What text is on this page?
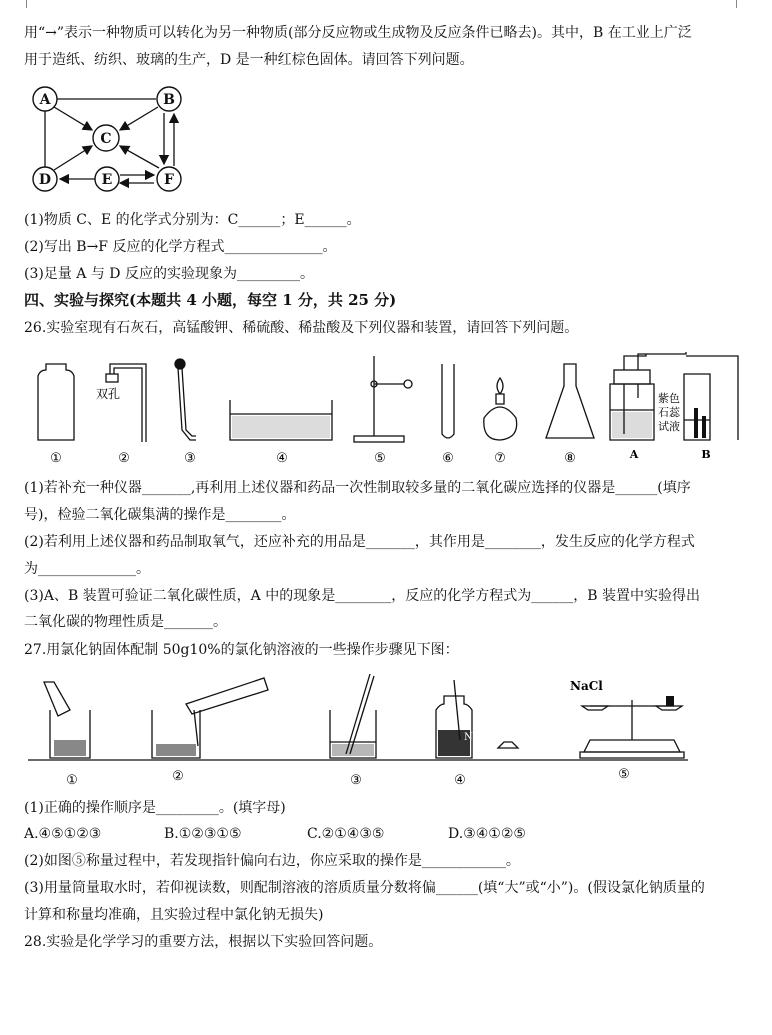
用“→”表示一种物质可以转化为另一种物质(部分反应物或生成物及反应条件已略去)。其中，B 在工业上广泛
用于造纸、纺织、玻璃的生产，D 是一种红棕色固体。请回答下列问题。
A	B
C
D	E	F
(1)物质 C、E 的化学式分别为：C______；E______。
(2)写出 B→F 反应的化学方程式______________。
(3)足量 A 与 D 反应的实验现象为_________。
四、实验与探究(本题共 4 小题，每空 1 分，共 25 分)
26.实验室现有石灰石，高锰酸钾、稀硫酸、稀盐酸及下列仪器和装置，请回答下列问题。
双孔	紫色
石蕊
试液
①	②	③	④	⑤	⑥	⑦	⑧	A	B
(1)若补充一种仪器_______,再利用上述仪器和药品一次性制取较多量的二氧化碳应选择的仪器是______(填序
号)，检验二氧化碳集满的操作是________。
(2)若利用上述仪器和药品制取氧气，还应补充的用品是_______，其作用是________，发生反应的化学方程式
为______________。
(3)A、B 装置可验证二氧化碳性质，A 中的现象是________，反应的化学方程式为______，B 装置中实验得出
二氧化碳的物理性质是_______。
27.用氯化钠固体配制 50g10%的氯化钠溶液的一些操作步骤见下图：
NaCl
NaCl
①	②	③	④	⑤
(1)正确的操作顺序是_________。(填字母)
A.④⑤①②③	B.①②③①⑤	C.②①④③⑤	D.③④①②⑤
(2)如图⑤称量过程中，若发现指针偏向右边，你应采取的操作是____________。
(3)用量筒量取水时，若仰视读数，则配制溶液的溶质质量分数将偏______(填“大”或“小”)。(假设氯化钠质量的
计算和称量均准确，且实验过程中氯化钠无损失)
28.实验是化学学习的重要方法，根据以下实验回答问题。
